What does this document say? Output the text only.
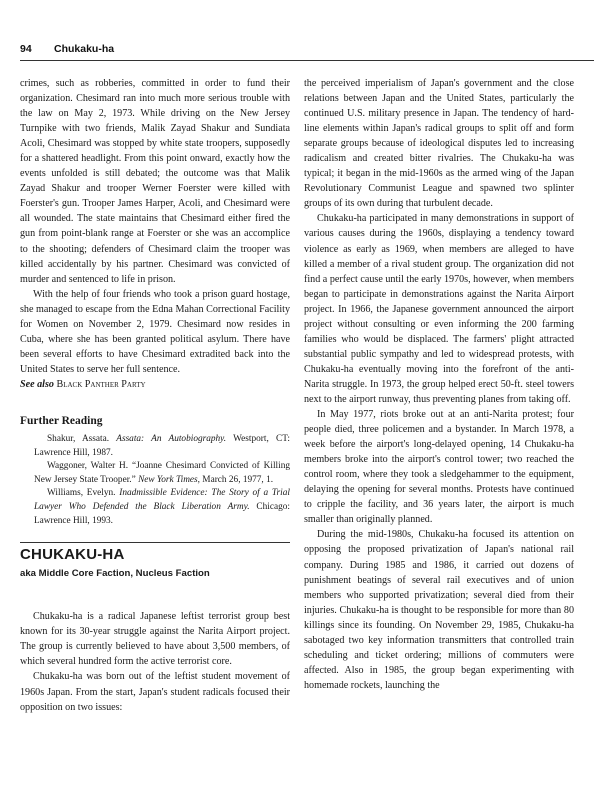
94 Chukaku-ha

crimes, such as robberies, committed in order to fund their organization. Chesimard ran into much more serious trouble with the law on May 2, 1973. While driving on the New Jersey Turnpike with two friends, Malik Zayad Shakur and Sundiata Acoli, Chesimard was stopped by white state troopers, supposedly for a shattered headlight. From this point onward, exactly how the events unfolded is still debated; the outcome was that Malik Zayad Shakur and trooper Werner Foerster were killed with Foerster's gun. Trooper James Harper, Acoli, and Chesimard were all wounded. The state maintains that Chesimard either fired the gun from point-blank range at Foerster or she was an accomplice to the shooting; defenders of Chesimard claim the trooper was killed accidentally by his partner. Chesimard was convicted of murder and sentenced to life in prison.

With the help of four friends who took a prison guard hostage, she managed to escape from the Edna Mahan Correctional Facility for Women on November 2, 1979. Chesimard now resides in Cuba, where she has been granted political asylum. There have been several efforts to have Chesimard extradited back into the United States to serve her full sentence.

See also Black Panther Party

Further Reading

Shakur, Assata. Assata: An Autobiography. Westport, CT: Lawrence Hill, 1987.

Waggoner, Walter H. “Joanne Chesimard Convicted of Killing New Jersey State Trooper.” New York Times, March 26, 1977, 1.

Williams, Evelyn. Inadmissible Evidence: The Story of a Trial Lawyer Who Defended the Black Liberation Army. Chicago: Lawrence Hill, 1993.

CHUKAKU-HA
aka Middle Core Faction, Nucleus Faction

Chukaku-ha is a radical Japanese leftist terrorist group best known for its 30-year struggle against the Narita Airport project. The group is currently believed to have about 3,500 members, of which several hundred form the active terrorist core.

Chukaku-ha was born out of the leftist student movement of 1960s Japan. From the start, Japan's student radicals focused their opposition on two issues:

the perceived imperialism of Japan's government and the close relations between Japan and the United States, particularly the continued U.S. military presence in Japan. The tendency of hard-line elements within Japan's radical groups to split off and form separate groups because of ideological disputes led to increasing radicalism and created bitter rivalries. The Chukaku-ha was typical; it began in the mid-1960s as the armed wing of the Japan Revolutionary Communist League and spawned two splinter groups of its own during that turbulent decade.

Chukaku-ha participated in many demonstrations in support of various causes during the 1960s, displaying a tendency toward violence as early as 1969, when members are alleged to have killed a member of a rival student group. The organization did not find a perfect cause until the early 1970s, however, when members began to participate in demonstrations against the Narita Airport project. In 1966, the Japanese government announced the airport project without consulting or even informing the 200 farming families who would be displaced. The farmers' plight attracted substantial public sympathy and led to widespread protests, with Chukaku-ha eventually moving into the forefront of the anti-Narita struggle. In 1973, the group helped erect 50-ft. steel towers next to the airport runway, thus preventing planes from taking off.

In May 1977, riots broke out at an anti-Narita protest; four people died, three policemen and a bystander. In March 1978, a week before the airport's long-delayed opening, 14 Chukaku-ha members broke into the airport's control tower; two reached the control room, where they took a sledgehammer to the equipment, delaying the opening for several months. Protests have continued to cripple the facility, and 36 years later, the airport is much smaller than originally planned.

During the mid-1980s, Chukaku-ha focused its attention on opposing the proposed privatization of Japan's national rail company. During 1985 and 1986, it carried out dozens of punishment beatings of several rail executives and of union members who supported privatization; several died from their injuries. Chukaku-ha is thought to be responsible for more than 80 killings since its founding. On November 29, 1985, Chukaku-ha sabotaged two key information transmitters that controlled train scheduling and ticket ordering; millions of commuters were affected. Also in 1985, the group began experimenting with homemade rockets, launching the
